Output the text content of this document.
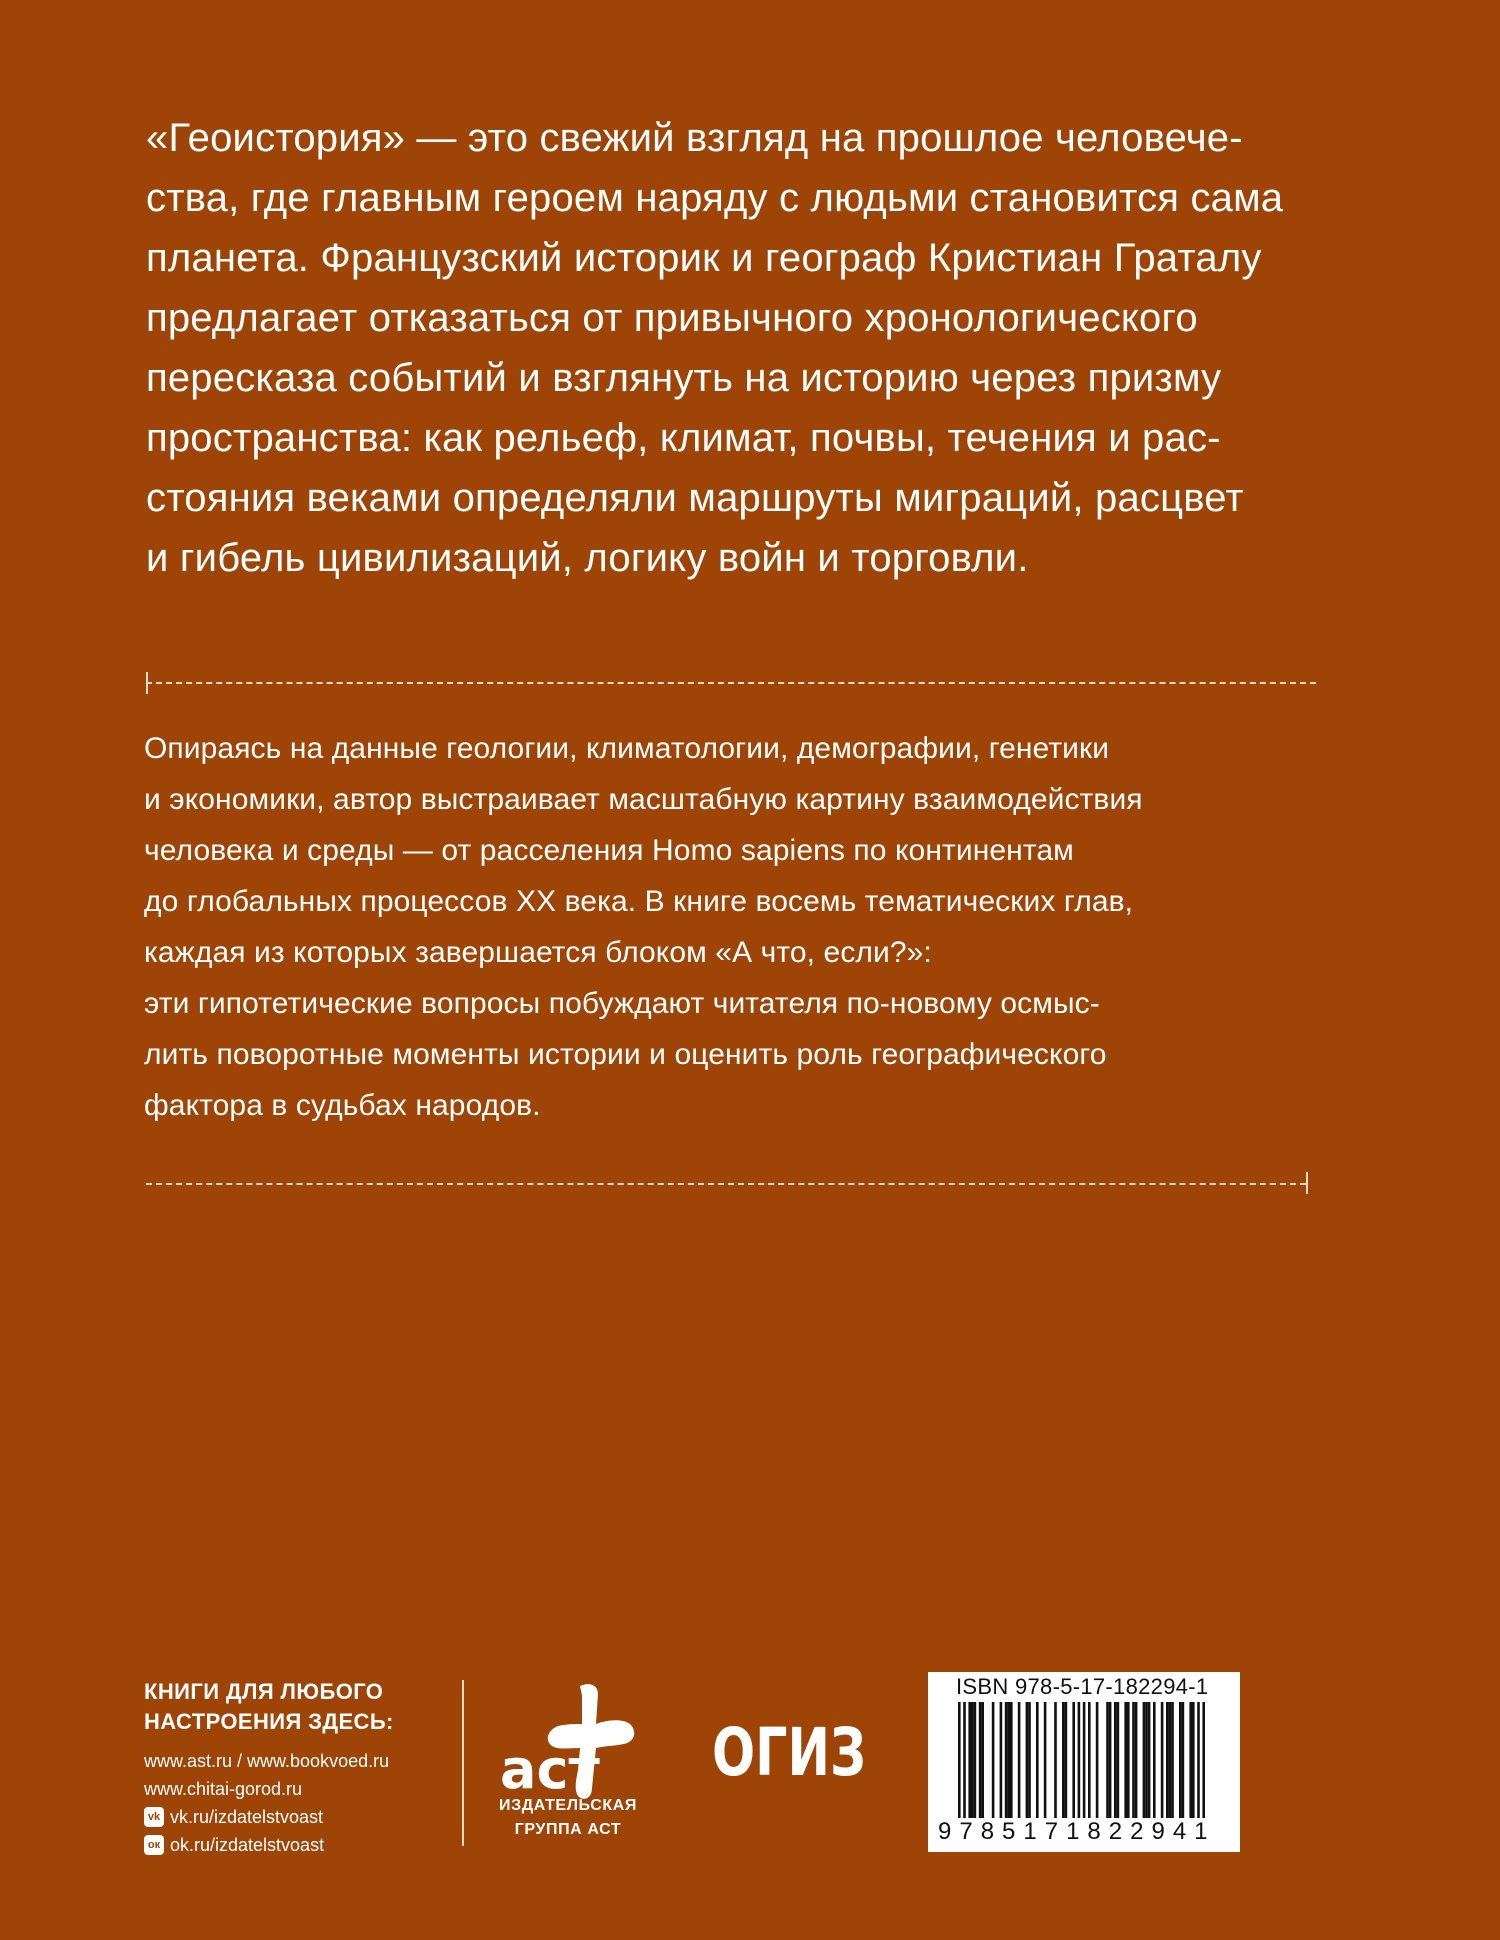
«Геоистория» — это свежий взгляд на прошлое человече-
ства, где главным героем наряду с людьми становится сама
планета. Французский историк и географ Кристиан Граталу
предлагает отказаться от привычного хронологического
пересказа событий и взглянуть на историю через призму
пространства: как рельеф, климат, почвы, течения и рас-
стояния веками определяли маршруты миграций, расцвет
и гибель цивилизаций, логику войн и торговли.
Опираясь на данные геологии, климатологии, демографии, генетики
и экономики, автор выстраивает масштабную картину взаимодействия
человека и среды — от расселения Homo sapiens по континентам
до глобальных процессов XX века. В книге восемь тематических глав,
каждая из которых завершается блоком «А что, если?»:
эти гипотетические вопросы побуждают читателя по-новому осмыс-
лить поворотные моменты истории и оценить роль географического
фактора в судьбах народов.
КНИГИ ДЛЯ ЛЮБОГО
НАСТРОЕНИЯ ЗДЕСЬ:
www.ast.ru / www.bookvoed.ru
www.chitai-gorod.ru
vk vk.ru/izdatelstvoast
ок ok.ru/izdatelstvoast
аст
ИЗДАТЕЛЬСКАЯ
ГРУППА АСТ
ОГИЗ
ISBN 978-5-17-182294-1
9785171822941
